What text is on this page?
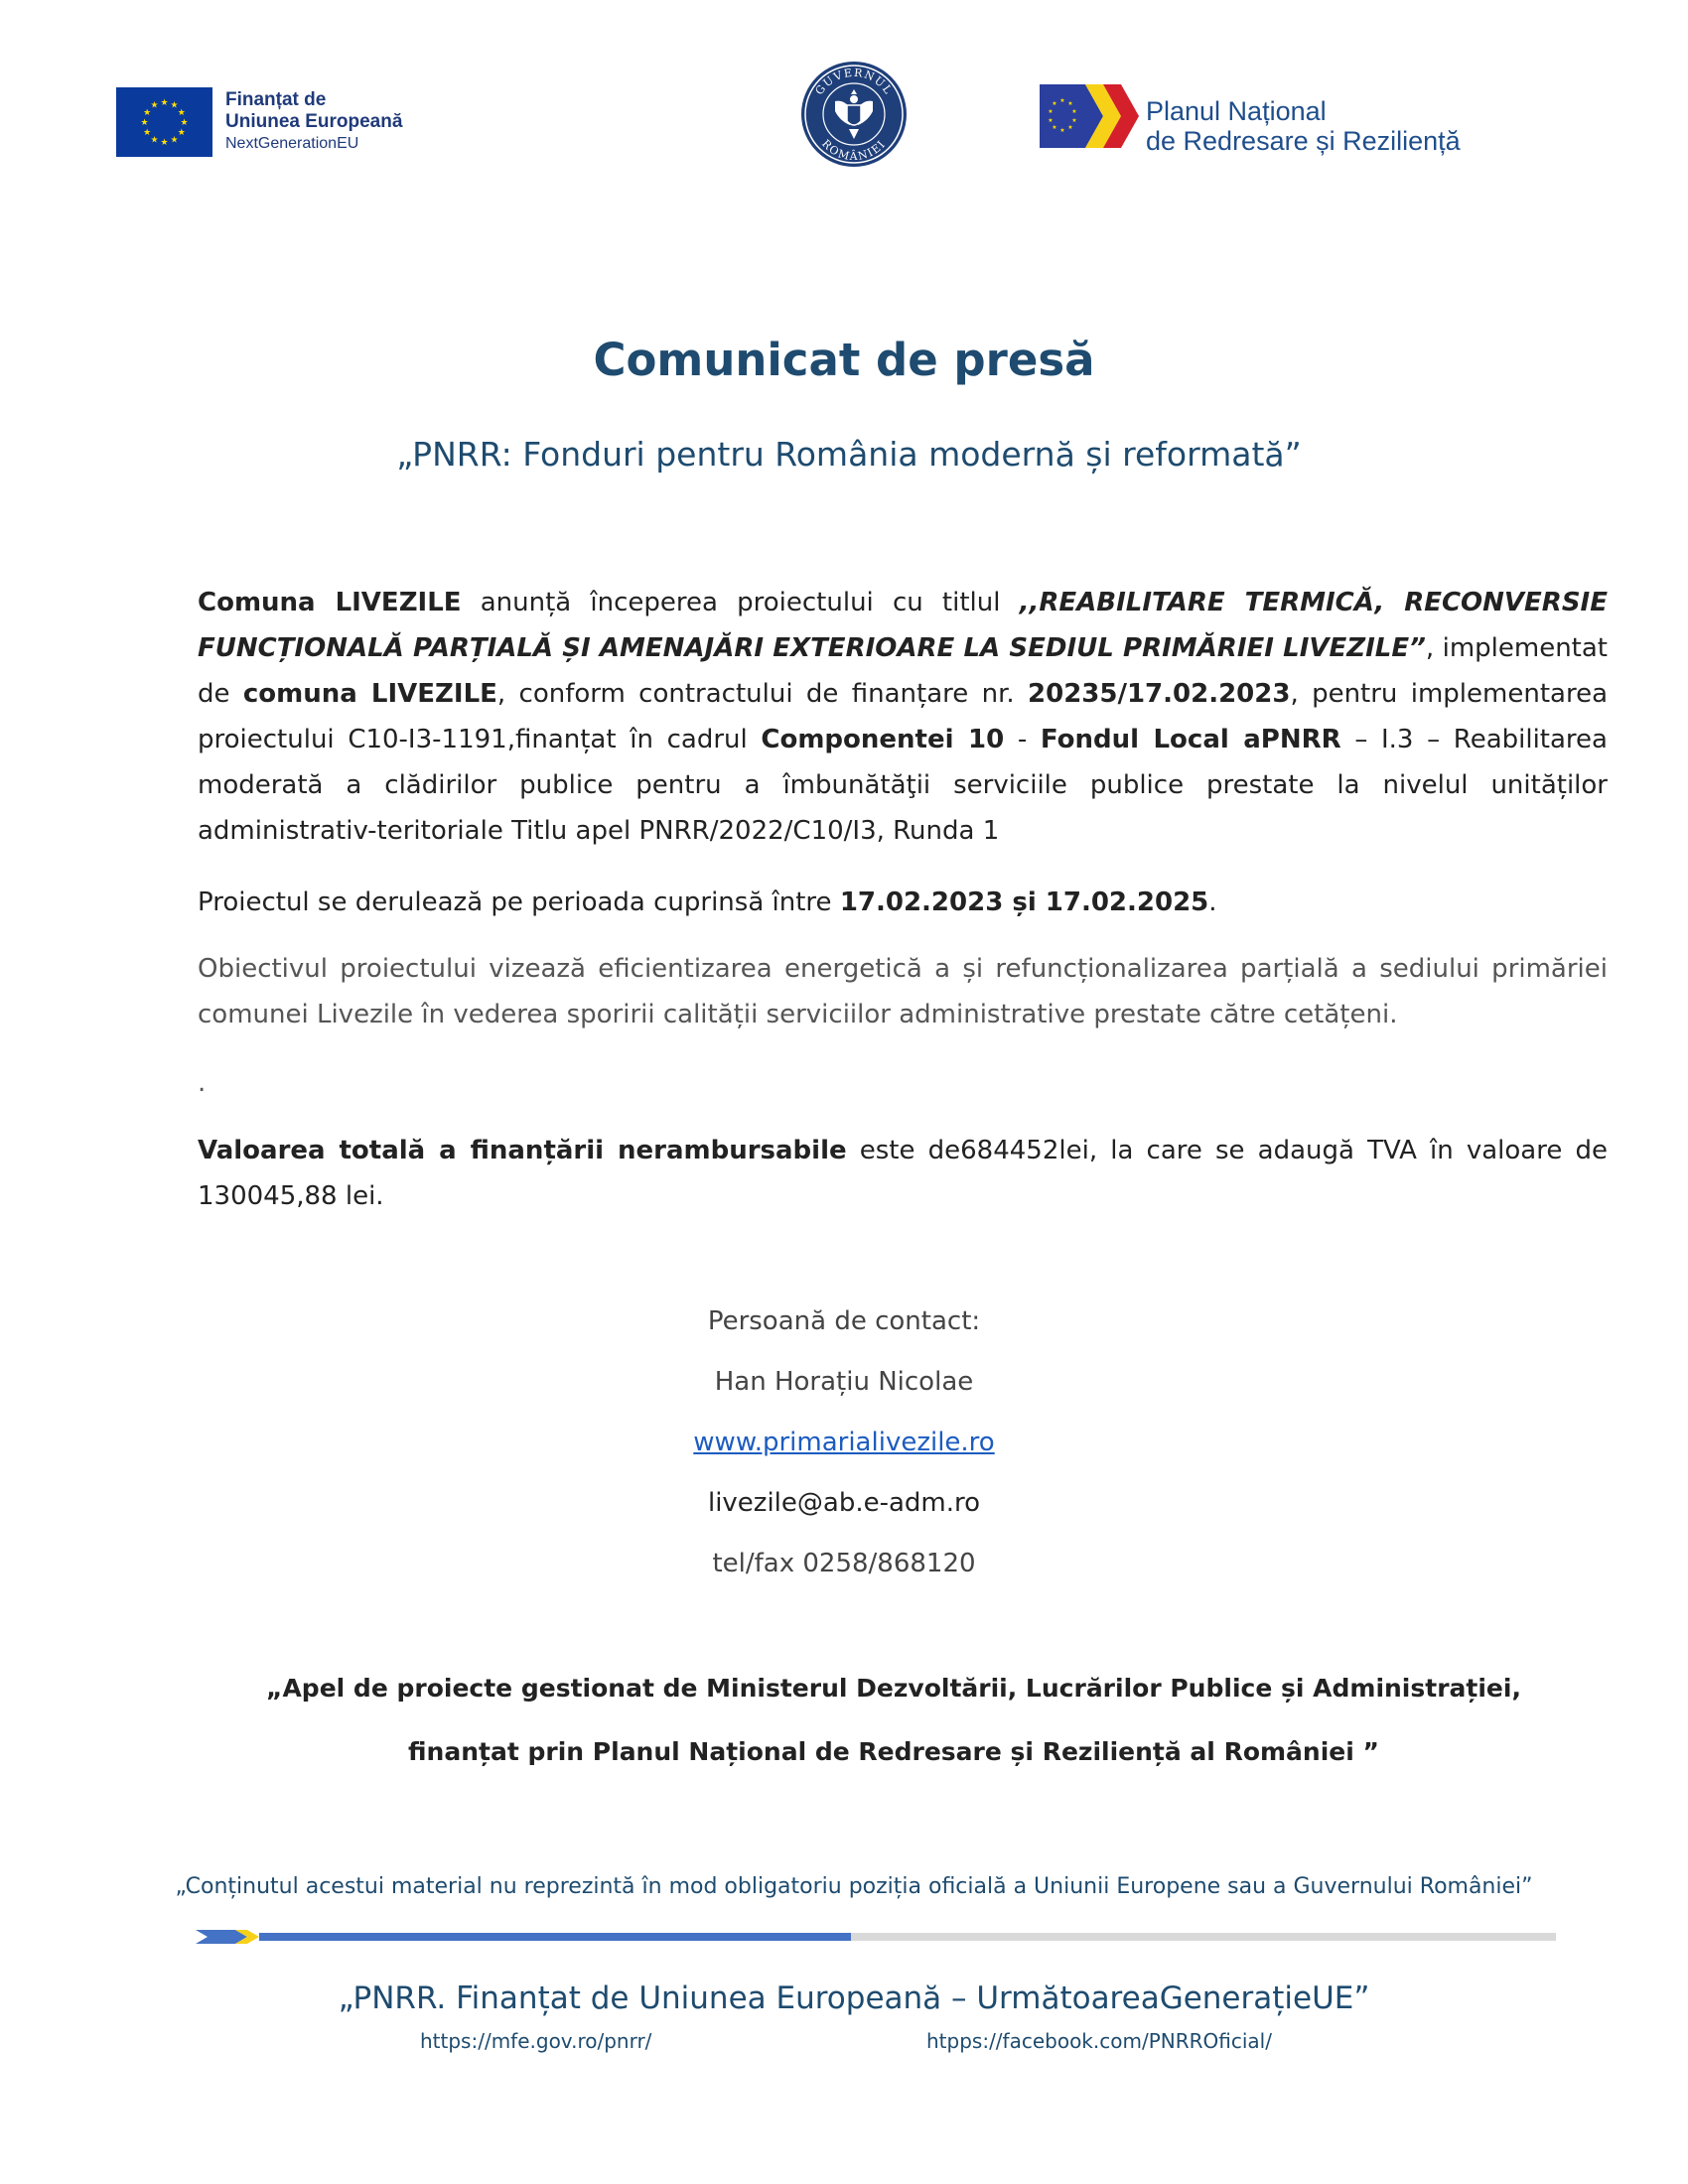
★ ★
★
★
★
★
★
★
★
★
★
★	Finanțat de
Uniunea Europeană
NextGenerationEU
GUVERNUL
ROMÂNIEI
★ ★
★
★
★
★
★
★
★
★	Planul Național
de Redresare și Reziliență
Comunicat de presă
„PNRR: Fonduri pentru România modernă și reformată”
Comuna LIVEZILE anunță începerea proiectului cu titlul ,,REABILITARE TERMICĂ, RECONVERSIE FUNCȚIONALĂ PARȚIALĂ ȘI AMENAJĂRI EXTERIOARE LA SEDIUL PRIMĂRIEI LIVEZILE”, implementat de comuna LIVEZILE, conform contractului de finanțare nr. 20235/17.02.2023, pentru implementarea proiectului C10-I3-1191,finanțat în cadrul Componentei 10 - Fondul Local aPNRR – I.3 – Reabilitarea moderată a clădirilor publice pentru a îmbunătăţii serviciile publice prestate la nivelul unităților administrativ-teritoriale Titlu apel PNRR/2022/C10/I3, Runda 1
Proiectul se derulează pe perioada cuprinsă între 17.02.2023 și 17.02.2025.
Obiectivul proiectului vizează eficientizarea energetică a și refuncționalizarea parțială a sediului primăriei comunei Livezile în vederea sporirii calității serviciilor administrative prestate către cetățeni.
.
Valoarea totală a finanțării nerambursabile este de684452lei, la care se adaugă TVA în valoare de 130045,88 lei.
Persoană de contact:
Han Horațiu Nicolae
www.primarialivezile.ro
livezile@ab.e-adm.ro
tel/fax 0258/868120
„Apel de proiecte gestionat de Ministerul Dezvoltării, Lucrărilor Publice și Administrației,
finanțat prin Planul Național de Redresare și Reziliență al României ”
„Conținutul acestui material nu reprezintă în mod obligatoriu poziția oficială a Uniunii Europene sau a Guvernului României”
„PNRR. Finanțat de Uniunea Europeană – UrmătoareaGenerațieUE”
https://mfe.gov.ro/pnrr/	htpps://facebook.com/PNRROficial/
